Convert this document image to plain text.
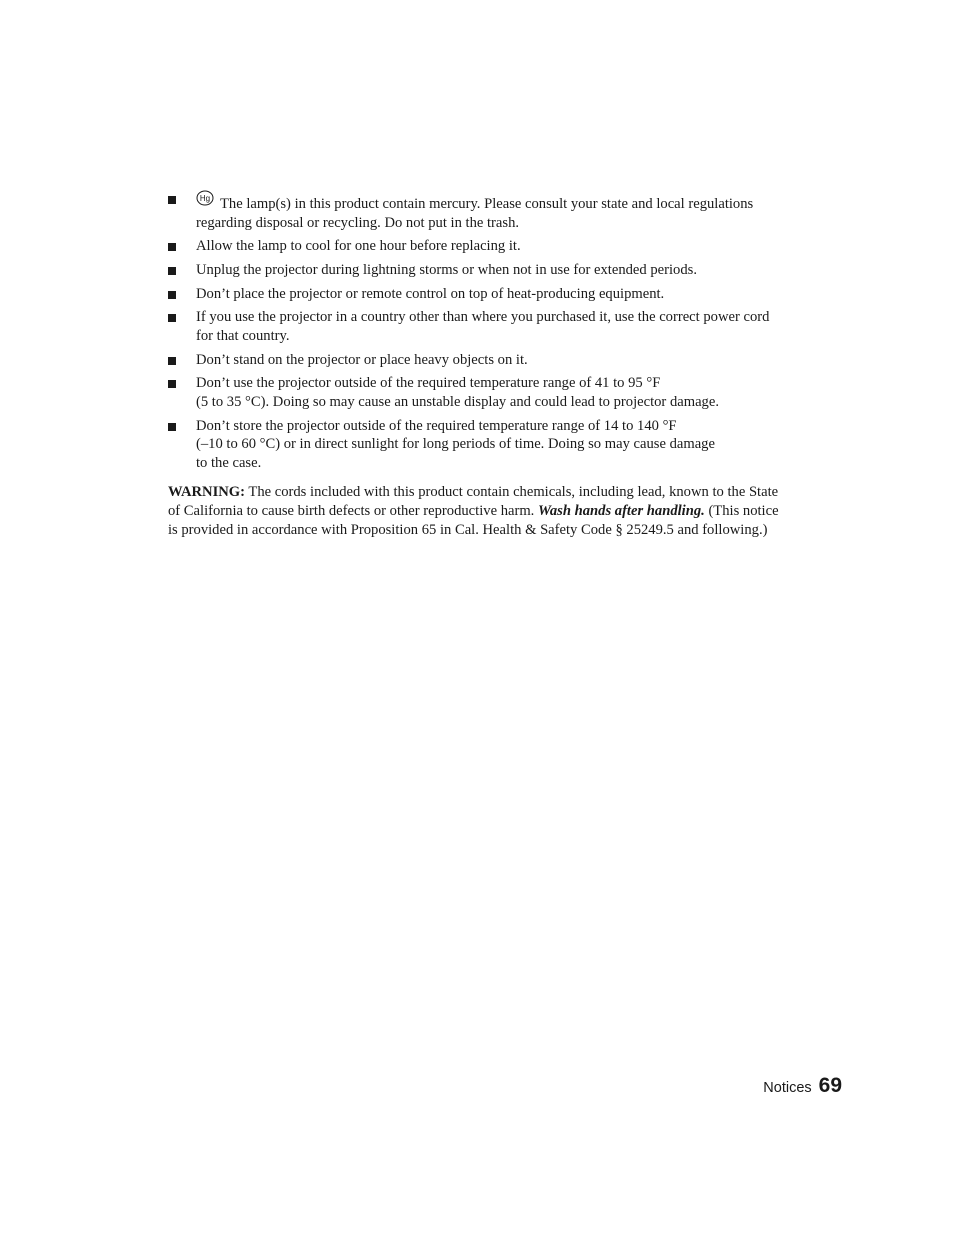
Hg The lamp(s) in this product contain mercury. Please consult your state and local regulations
regarding disposal or recycling. Do not put in the trash.
Allow the lamp to cool for one hour before replacing it.
Unplug the projector during lightning storms or when not in use for extended periods.
Don’t place the projector or remote control on top of heat-producing equipment.
If you use the projector in a country other than where you purchased it, use the correct power cord
for that country.
Don’t stand on the projector or place heavy objects on it.
Don’t use the projector outside of the required temperature range of 41 to 95 °F
(5 to 35 °C). Doing so may cause an unstable display and could lead to projector damage.
Don’t store the projector outside of the required temperature range of 14 to 140 °F
(–10 to 60 °C) or in direct sunlight for long periods of time. Doing so may cause damage
to the case.

WARNING: The cords included with this product contain chemicals, including lead, known to the State of California to cause birth defects or other reproductive harm. Wash hands after handling. (This notice is provided in accordance with Proposition 65 in Cal. Health & Safety Code § 25249.5 and following.)

Notices 69
